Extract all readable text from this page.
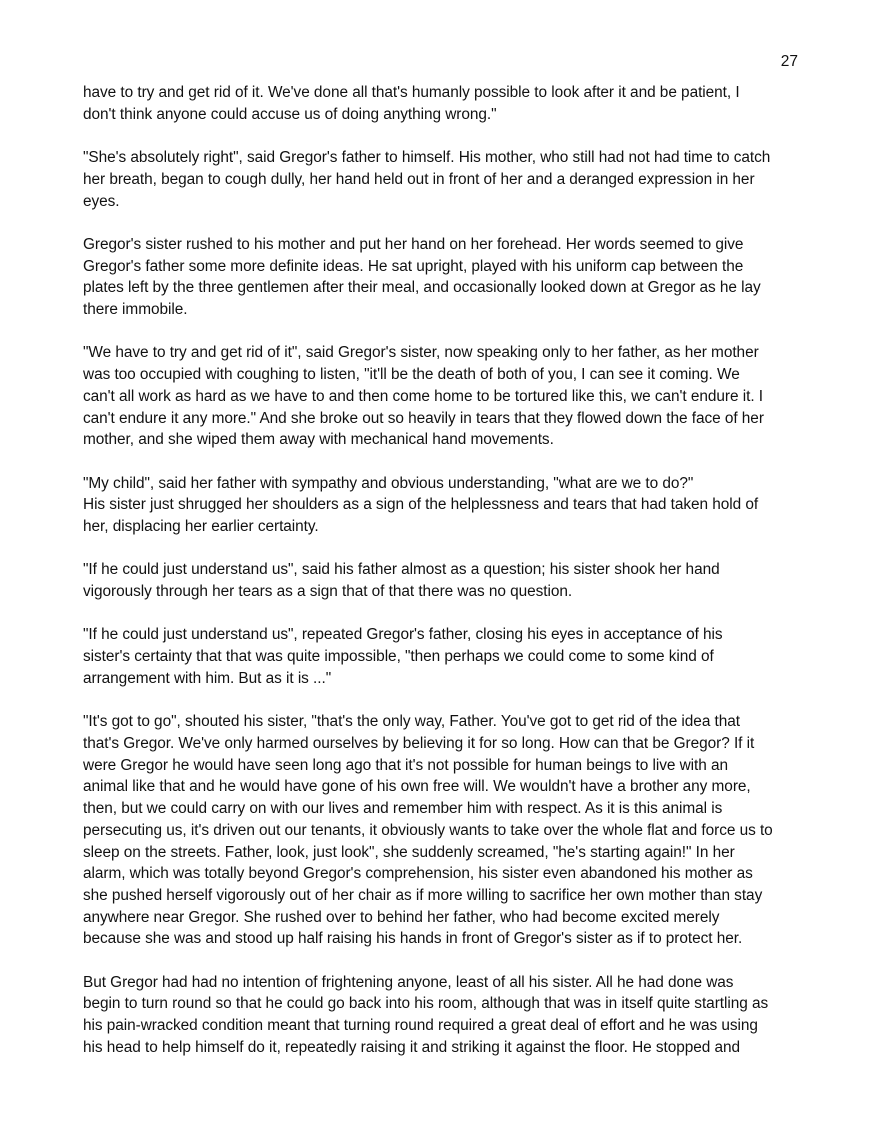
27

have to try and get rid of it. We've done all that's humanly possible to look after it and be patient, I
don't think anyone could accuse us of doing anything wrong."

"She's absolutely right", said Gregor's father to himself. His mother, who still had not had time to catch
her breath, began to cough dully, her hand held out in front of her and a deranged expression in her
eyes.

Gregor's sister rushed to his mother and put her hand on her forehead. Her words seemed to give
Gregor's father some more definite ideas. He sat upright, played with his uniform cap between the
plates left by the three gentlemen after their meal, and occasionally looked down at Gregor as he lay
there immobile.

"We have to try and get rid of it", said Gregor's sister, now speaking only to her father, as her mother
was too occupied with coughing to listen, "it'll be the death of both of you, I can see it coming. We
can't all work as hard as we have to and then come home to be tortured like this, we can't endure it. I
can't endure it any more." And she broke out so heavily in tears that they flowed down the face of her
mother, and she wiped them away with mechanical hand movements.

"My child", said her father with sympathy and obvious understanding, "what are we to do?"
His sister just shrugged her shoulders as a sign of the helplessness and tears that had taken hold of
her, displacing her earlier certainty.

"If he could just understand us", said his father almost as a question; his sister shook her hand
vigorously through her tears as a sign that of that there was no question.

"If he could just understand us", repeated Gregor's father, closing his eyes in acceptance of his
sister's certainty that that was quite impossible, "then perhaps we could come to some kind of
arrangement with him. But as it is ..."

"It's got to go", shouted his sister, "that's the only way, Father. You've got to get rid of the idea that
that's Gregor. We've only harmed ourselves by believing it for so long. How can that be Gregor? If it
were Gregor he would have seen long ago that it's not possible for human beings to live with an
animal like that and he would have gone of his own free will. We wouldn't have a brother any more,
then, but we could carry on with our lives and remember him with respect. As it is this animal is
persecuting us, it's driven out our tenants, it obviously wants to take over the whole flat and force us to
sleep on the streets. Father, look, just look", she suddenly screamed, "he's starting again!" In her
alarm, which was totally beyond Gregor's comprehension, his sister even abandoned his mother as
she pushed herself vigorously out of her chair as if more willing to sacrifice her own mother than stay
anywhere near Gregor. She rushed over to behind her father, who had become excited merely
because she was and stood up half raising his hands in front of Gregor's sister as if to protect her.

But Gregor had had no intention of frightening anyone, least of all his sister. All he had done was
begin to turn round so that he could go back into his room, although that was in itself quite startling as
his pain-wracked condition meant that turning round required a great deal of effort and he was using
his head to help himself do it, repeatedly raising it and striking it against the floor. He stopped and
